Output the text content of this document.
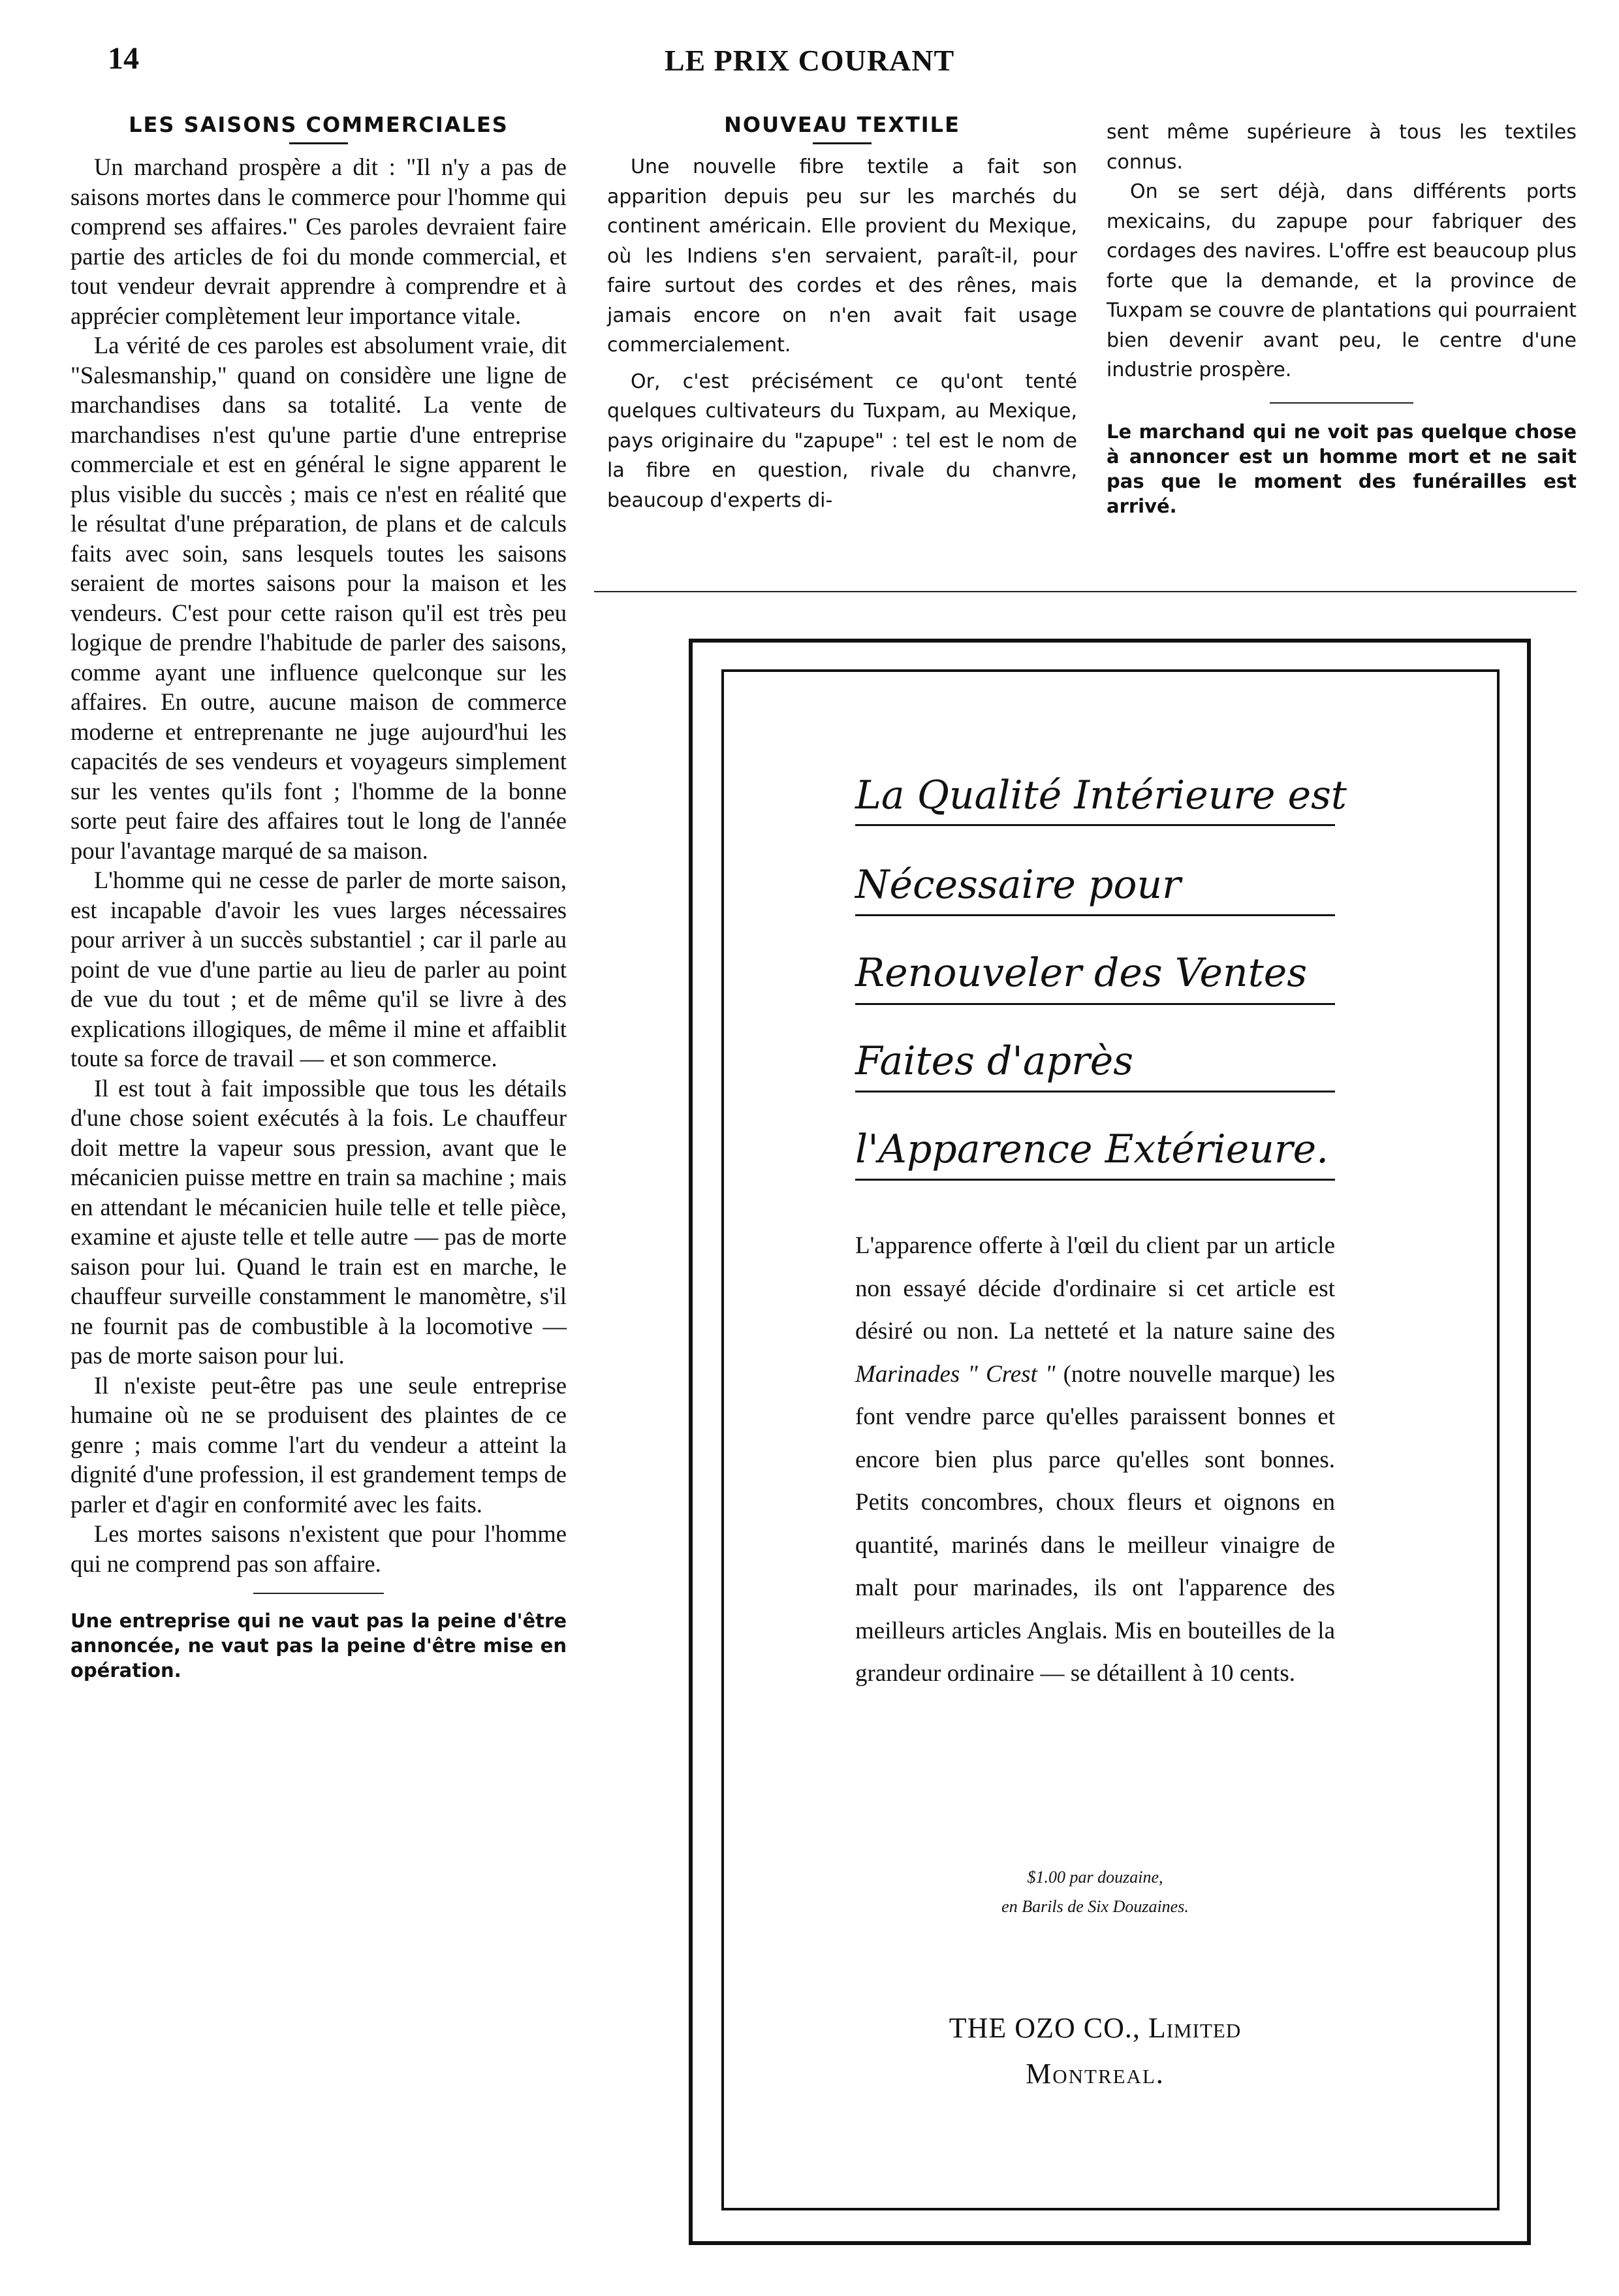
14	LE PRIX COURANT
LES SAISONS COMMERCIALES

Un marchand prospère a dit : "Il n'y a pas de saisons mortes dans le commerce pour l'homme qui comprend ses affaires." Ces paroles devraient faire partie des articles de foi du monde commercial, et tout vendeur devrait apprendre à comprendre et à apprécier complètement leur importance vitale.

La vérité de ces paroles est absolument vraie, dit "Salesmanship," quand on considère une ligne de marchandises dans sa totalité. La vente de marchandises n'est qu'une partie d'une entreprise commerciale et est en général le signe apparent le plus visible du succès ; mais ce n'est en réalité que le résultat d'une préparation, de plans et de calculs faits avec soin, sans lesquels toutes les saisons seraient de mortes saisons pour la maison et les vendeurs. C'est pour cette raison qu'il est très peu logique de prendre l'habitude de parler des saisons, comme ayant une influence quelconque sur les affaires. En outre, aucune maison de commerce moderne et entreprenante ne juge aujourd'hui les capacités de ses vendeurs et voyageurs simplement sur les ventes qu'ils font ; l'homme de la bonne sorte peut faire des affaires tout le long de l'année pour l'avantage marqué de sa maison.

L'homme qui ne cesse de parler de morte saison, est incapable d'avoir les vues larges nécessaires pour arriver à un succès substantiel ; car il parle au point de vue d'une partie au lieu de parler au point de vue du tout ; et de même qu'il se livre à des explications illogiques, de même il mine et affaiblit toute sa force de travail — et son commerce.

Il est tout à fait impossible que tous les détails d'une chose soient exécutés à la fois. Le chauffeur doit mettre la vapeur sous pression, avant que le mécanicien puisse mettre en train sa machine ; mais en attendant le mécanicien huile telle et telle pièce, examine et ajuste telle et telle autre — pas de morte saison pour lui. Quand le train est en marche, le chauffeur surveille constamment le manomètre, s'il ne fournit pas de combustible à la locomotive — pas de morte saison pour lui.

Il n'existe peut-être pas une seule entreprise humaine où ne se produisent des plaintes de ce genre ; mais comme l'art du vendeur a atteint la dignité d'une profession, il est grandement temps de parler et d'agir en conformité avec les faits.

Les mortes saisons n'existent que pour l'homme qui ne comprend pas son affaire.

Une entreprise qui ne vaut pas la peine d'être annoncée, ne vaut pas la peine d'être mise en opération.

NOUVEAU TEXTILE

Une nouvelle fibre textile a fait son apparition depuis peu sur les marchés du continent américain. Elle provient du Mexique, où les Indiens s'en servaient, paraît-il, pour faire surtout des cordes et des rênes, mais jamais encore on n'en avait fait usage commercialement.

Or, c'est précisément ce qu'ont tenté quelques cultivateurs du Tuxpam, au Mexique, pays originaire du "zapupe" : tel est le nom de la fibre en question, rivale du chanvre, beaucoup d'experts di-

sent même supérieure à tous les textiles connus.

On se sert déjà, dans différents ports mexicains, du zapupe pour fabriquer des cordages des navires. L'offre est beaucoup plus forte que la demande, et la province de Tuxpam se couvre de plantations qui pourraient bien devenir avant peu, le centre d'une industrie prospère.

Le marchand qui ne voit pas quelque chose à annoncer est un homme mort et ne sait pas que le moment des funérailles est arrivé.

La Qualité Intérieure est
Nécessaire pour
Renouveler des Ventes
Faites d'après
l'Apparence Extérieure.

L'apparence offerte à l'œil du client par un article non essayé décide d'ordinaire si cet article est désiré ou non. La netteté et la nature saine des Marinades " Crest " (notre nouvelle marque) les font vendre parce qu'elles paraissent bonnes et encore bien plus parce qu'elles sont bonnes. Petits concombres, choux fleurs et oignons en quantité, marinés dans le meilleur vinaigre de malt pour marinades, ils ont l'apparence des meilleurs articles Anglais. Mis en bouteilles de la grandeur ordinaire — se détaillent à 10 cents.

$1.00 par douzaine,
en Barils de Six Douzaines.
THE OZO CO., Limited
Montreal.
